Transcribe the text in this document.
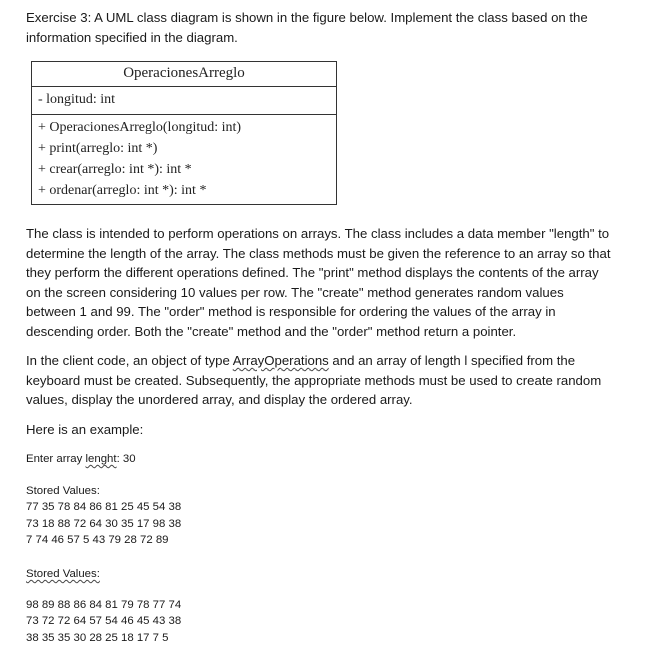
Exercise 3: A UML class diagram is shown in the figure below. Implement the class based on the

information specified in the diagram.

OperacionesArreglo
- longitud: int
+ OperacionesArreglo(longitud: int)
+ print(arreglo: int *)
+ crear(arreglo: int *): int *
+ ordenar(arreglo: int *): int *

The class is intended to perform operations on arrays. The class includes a data member "length" to

determine the length of the array. The class methods must be given the reference to an array so that

they perform the different operations defined. The "print" method displays the contents of the array

on the screen considering 10 values per row. The "create" method generates random values

between 1 and 99. The "order" method is responsible for ordering the values of the array in

descending order. Both the "create" method and the "order" method return a pointer.

In the client code, an object of type ArrayOperations and an array of length l specified from the

keyboard must be created. Subsequently, the appropriate methods must be used to create random

values, display the unordered array, and display the ordered array.

Here is an example:

Enter array lenght: 30

Stored Values:
77 35 78 84 86 81 25 45 54 38
73 18 88 72 64 30 35 17 98 38
7 74 46 57 5 43 79 28 72 89
Stored Values:
98 89 88 86 84 81 79 78 77 74
73 72 72 64 57 54 46 45 43 38
38 35 35 30 28 25 18 17 7 5
